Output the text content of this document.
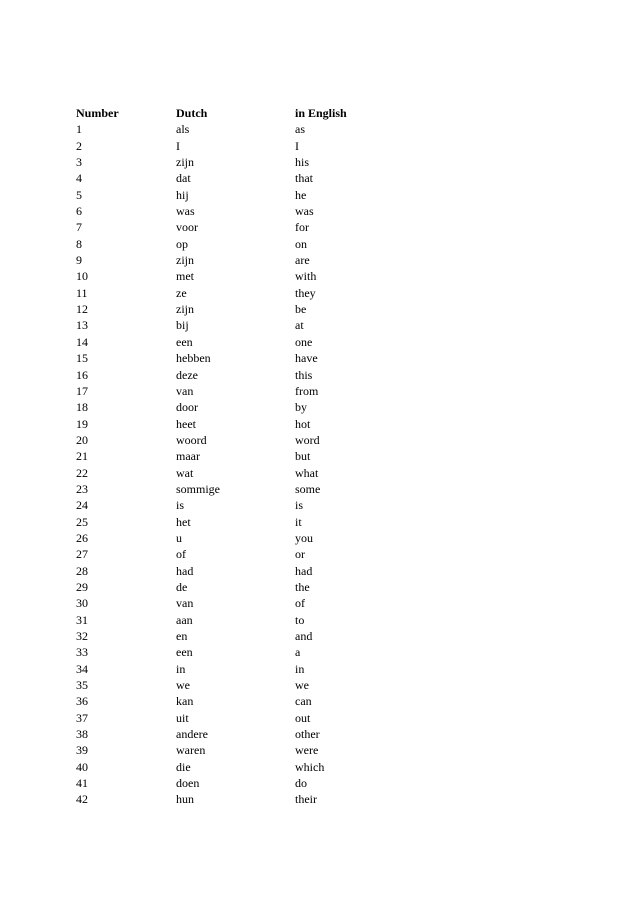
Number	Dutch	in English
1	als	as
2	I	I
3	zijn	his
4	dat	that
5	hij	he
6	was	was
7	voor	for
8	op	on
9	zijn	are
10	met	with
11	ze	they
12	zijn	be
13	bij	at
14	een	one
15	hebben	have
16	deze	this
17	van	from
18	door	by
19	heet	hot
20	woord	word
21	maar	but
22	wat	what
23	sommige	some
24	is	is
25	het	it
26	u	you
27	of	or
28	had	had
29	de	the
30	van	of
31	aan	to
32	en	and
33	een	a
34	in	in
35	we	we
36	kan	can
37	uit	out
38	andere	other
39	waren	were
40	die	which
41	doen	do
42	hun	their
